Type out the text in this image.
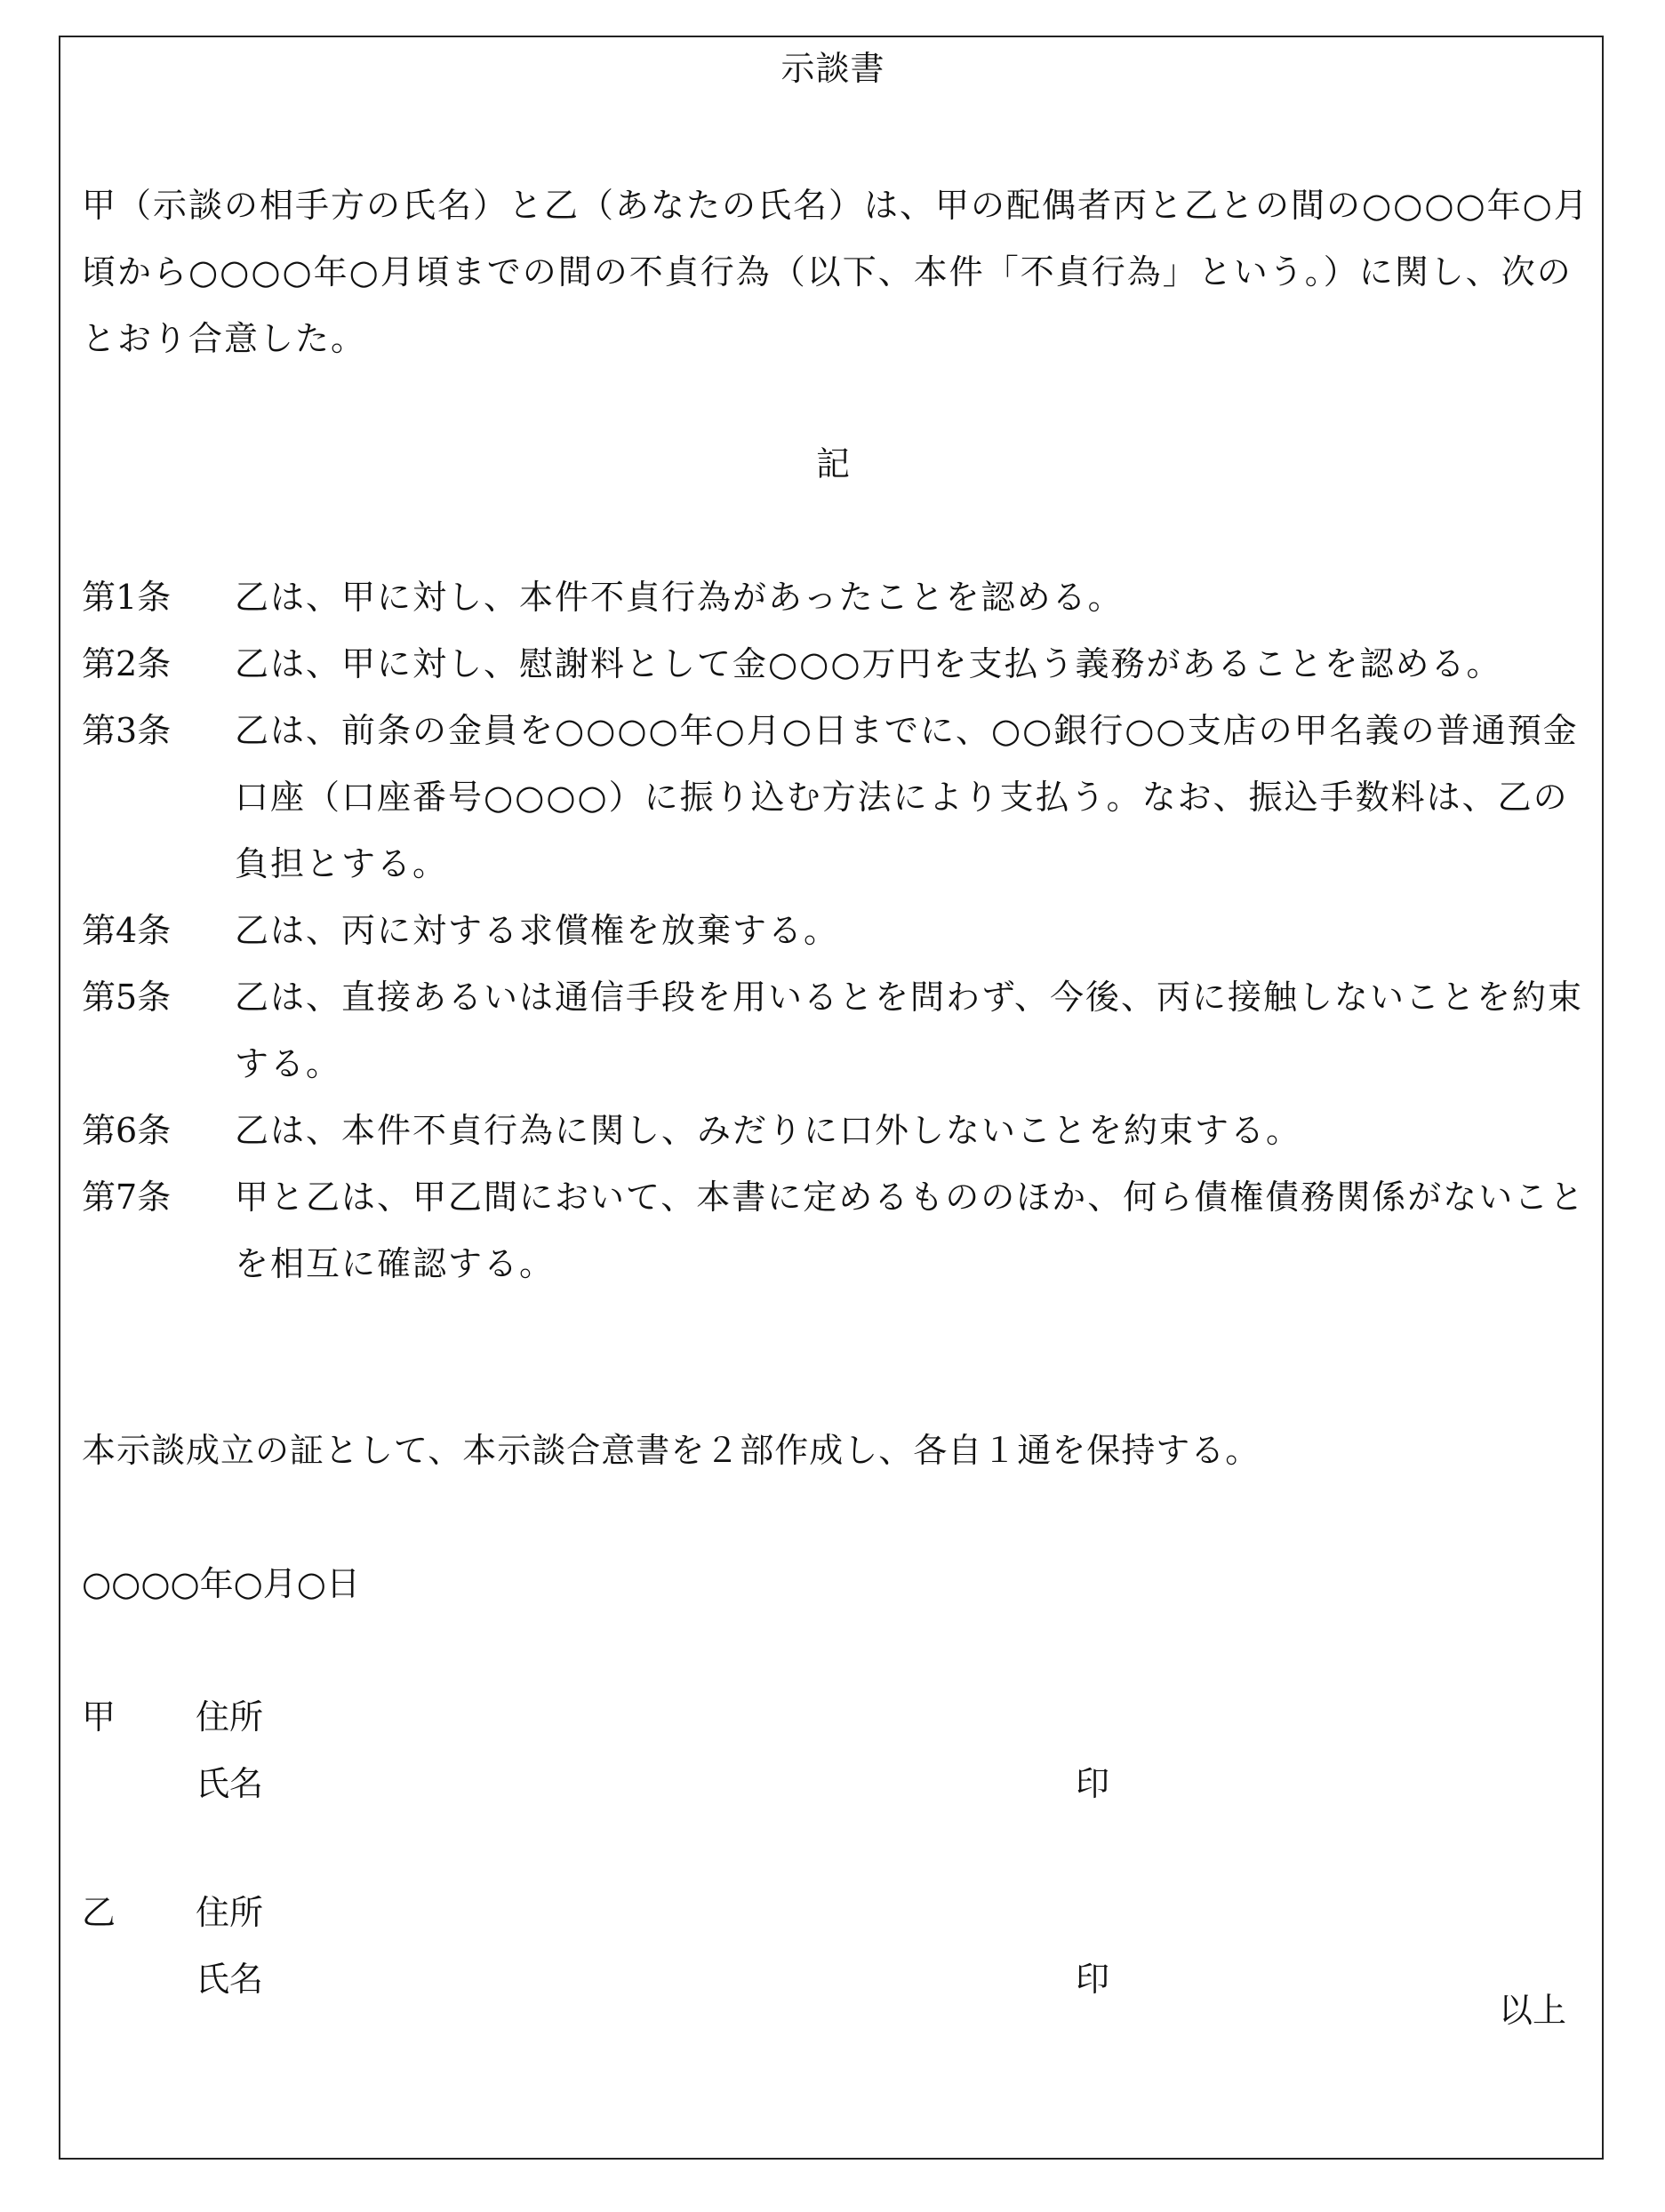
示談書
甲（示談の相手方の氏名）と乙（あなたの氏名）は、甲の配偶者丙と乙との間の○○○○年○月頃から○○○○年○月頃までの間の不貞行為（以下、本件「不貞行為」という。）に関し、次のとおり合意した。
記
第1条	乙は、甲に対し、本件不貞行為があったことを認める。
第2条	乙は、甲に対し、慰謝料として金○○○万円を支払う義務があることを認める。
第3条	乙は、前条の金員を○○○○年○月○日までに、○○銀行○○支店の甲名義の普通預金口座（口座番号○○○○）に振り込む方法により支払う。なお、振込手数料は、乙の負担とする。
第4条	乙は、丙に対する求償権を放棄する。
第5条	乙は、直接あるいは通信手段を用いるとを問わず、今後、丙に接触しないことを約束する。
第6条	乙は、本件不貞行為に関し、みだりに口外しないことを約束する。
第7条	甲と乙は、甲乙間において、本書に定めるもののほか、何ら債権債務関係がないことを相互に確認する。
本示談成立の証として、本示談合意書を２部作成し、各自１通を保持する。
○○○○年○月○日
甲 住所
氏名	印
乙 住所
氏名	印
以上
